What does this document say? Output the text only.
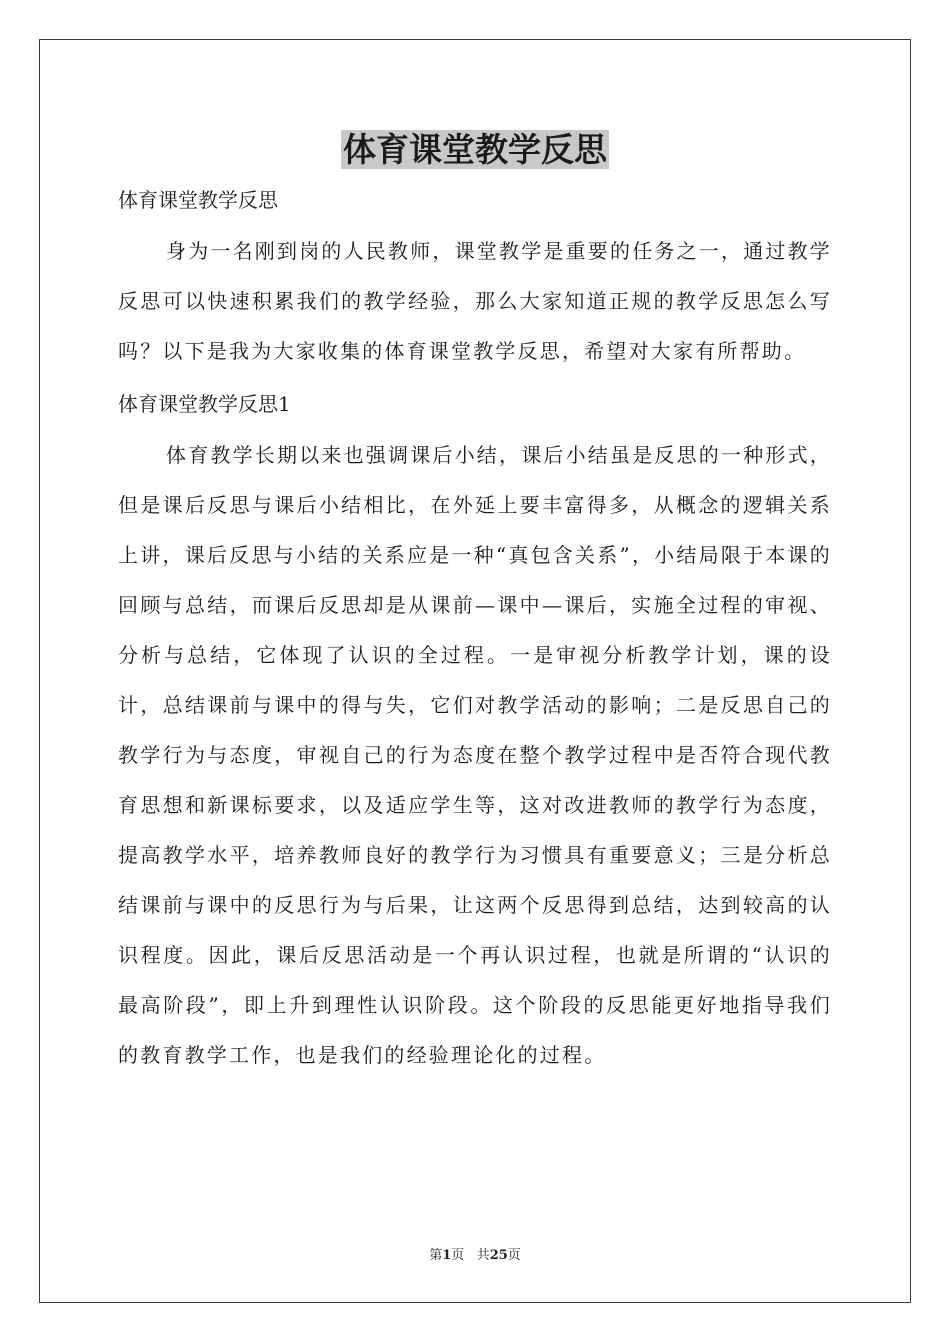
体育课堂教学反思
体育课堂教学反思

身为一名刚到岗的人民教师，课堂教学是重要的任务之一，通过教学反思可以快速积累我们的教学经验，那么大家知道正规的教学反思怎么写吗？以下是我为大家收集的体育课堂教学反思，希望对大家有所帮助。

体育课堂教学反思1

体育教学长期以来也强调课后小结，课后小结虽是反思的一种形式，但是课后反思与课后小结相比，在外延上要丰富得多，从概念的逻辑关系上讲，课后反思与小结的关系应是一种“真包含关系”，小结局限于本课的回顾与总结，而课后反思却是从课前—课中—课后，实施全过程的审视、分析与总结，它体现了认识的全过程。一是审视分析教学计划，课的设计，总结课前与课中的得与失，它们对教学活动的影响；二是反思自己的教学行为与态度，审视自己的行为态度在整个教学过程中是否符合现代教育思想和新课标要求，以及适应学生等，这对改进教师的教学行为态度，提高教学水平，培养教师良好的教学行为习惯具有重要意义；三是分析总结课前与课中的反思行为与后果，让这两个反思得到总结，达到较高的认识程度。因此，课后反思活动是一个再认识过程，也就是所谓的“认识的最高阶段”，即上升到理性认识阶段。这个阶段的反思能更好地指导我们的教育教学工作，也是我们的经验理论化的过程。

第1页 共25页
